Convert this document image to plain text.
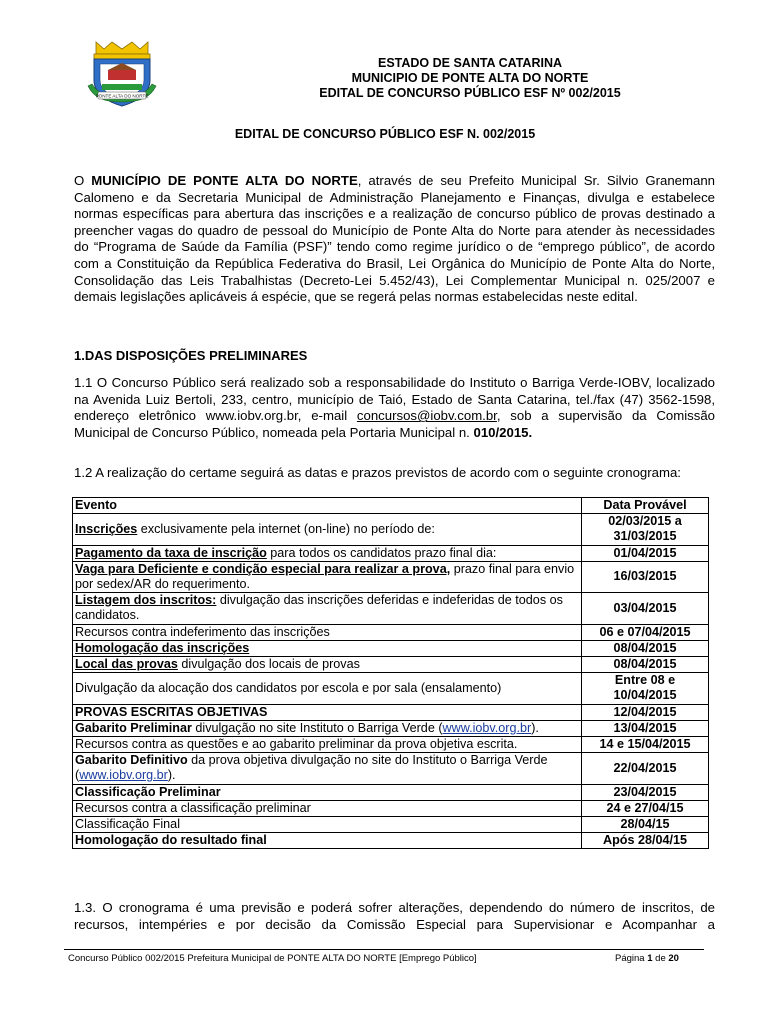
PONTE ALTA DO NORTE
ESTADO DE SANTA CATARINA
MUNICIPIO DE PONTE ALTA DO NORTE
EDITAL DE CONCURSO PÚBLICO ESF Nº 002/2015
EDITAL DE CONCURSO PÚBLICO ESF N. 002/2015
O MUNICÍPIO DE PONTE ALTA DO NORTE, através de seu Prefeito Municipal Sr. Silvio Granemann Calomeno e da Secretaria Municipal de Administração Planejamento e Finanças, divulga e estabelece normas específicas para abertura das inscrições e a realização de concurso público de provas destinado a preencher vagas do quadro de pessoal do Município de Ponte Alta do Norte para atender às necessidades do “Programa de Saúde da Família (PSF)” tendo como regime jurídico o de “emprego público”, de acordo com a Constituição da República Federativa do Brasil, Lei Orgânica do Município de Ponte Alta do Norte, Consolidação das Leis Trabalhistas (Decreto-Lei 5.452/43), Lei Complementar Municipal n. 025/2007 e demais legislações aplicáveis á espécie, que se regerá pelas normas estabelecidas neste edital.
1.DAS DISPOSIÇÕES PRELIMINARES
1.1 O Concurso Público será realizado sob a responsabilidade do Instituto o Barriga Verde-IOBV, localizado na Avenida Luiz Bertoli, 233, centro, município de Taió, Estado de Santa Catarina, tel./fax (47) 3562-1598, endereço eletrônico www.iobv.org.br, e-mail concursos@iobv.com.br, sob a supervisão da Comissão Municipal de Concurso Público, nomeada pela Portaria Municipal n. 010/2015.
1.2 A realização do certame seguirá as datas e prazos previstos de acordo com o seguinte cronograma:
Evento	Data Provável
Inscrições exclusivamente pela internet (on-line) no período de:	02/03/2015 a 31/03/2015
Pagamento da taxa de inscrição para todos os candidatos prazo final dia:	01/04/2015
Vaga para Deficiente e condição especial para realizar a prova, prazo final para envio por sedex/AR do requerimento.	16/03/2015
Listagem dos inscritos: divulgação das inscrições deferidas e indeferidas de todos os candidatos.	03/04/2015
Recursos contra indeferimento das inscrições	06 e 07/04/2015
Homologação das inscrições	08/04/2015
Local das provas divulgação dos locais de provas	08/04/2015
Divulgação da alocação dos candidatos por escola e por sala (ensalamento)	Entre 08 e 10/04/2015
PROVAS ESCRITAS OBJETIVAS	12/04/2015
Gabarito Preliminar divulgação no site Instituto o Barriga Verde (www.iobv.org.br).	13/04/2015
Recursos contra as questões e ao gabarito preliminar da prova objetiva escrita.	14 e 15/04/2015
Gabarito Definitivo da prova objetiva divulgação no site do Instituto o Barriga Verde (www.iobv.org.br).	22/04/2015
Classificação Preliminar	23/04/2015
Recursos contra a classificação preliminar	24 e 27/04/15
Classificação Final	28/04/15
Homologação do resultado final	Após 28/04/15
1.3. O cronograma é uma previsão e poderá sofrer alterações, dependendo do número de inscritos, de recursos, intempéries e por decisão da Comissão Especial para Supervisionar e Acompanhar a
Concurso Público 002/2015 Prefeitura Municipal de PONTE ALTA DO NORTE [Emprego Público]	Página 1 de 20
